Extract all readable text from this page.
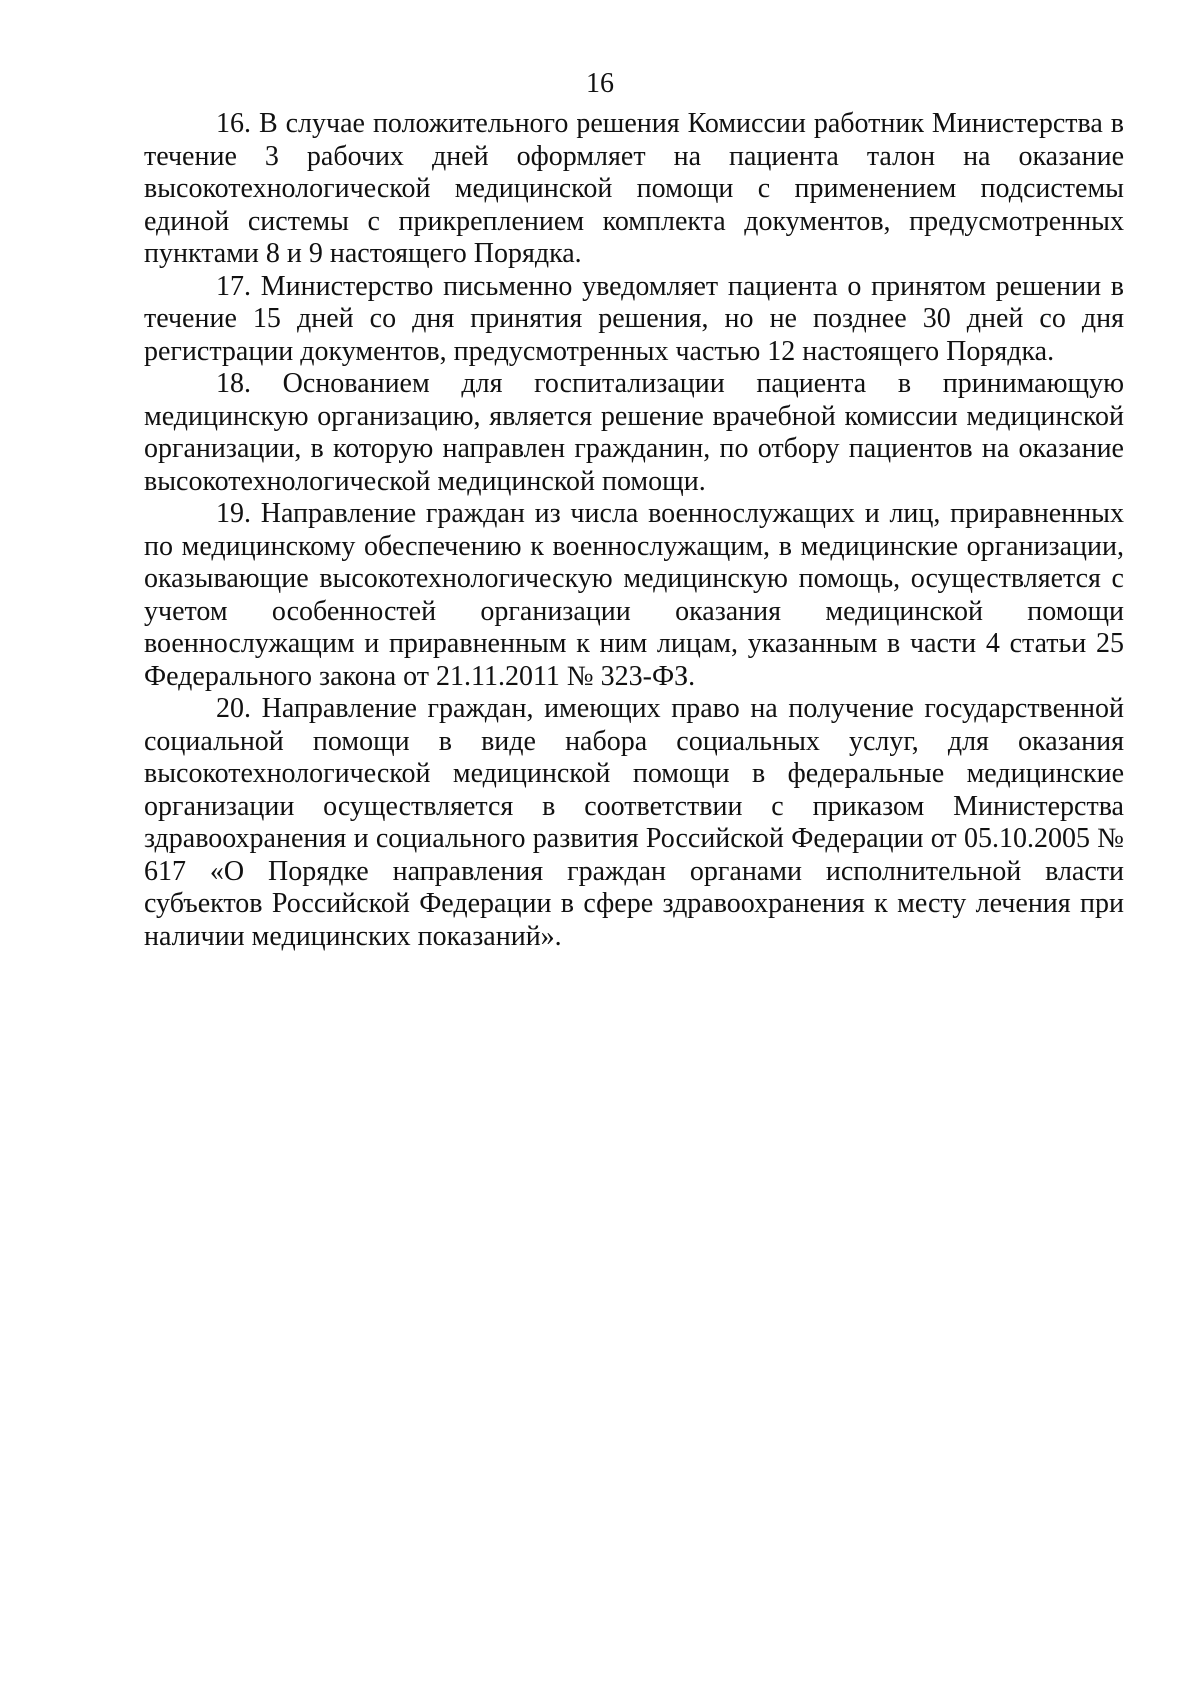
16

16. В случае положительного решения Комиссии работник Министерства в течение 3 рабочих дней оформляет на пациента талон на оказание высокотехнологической медицинской помощи с применением подсистемы единой системы с прикреплением комплекта документов, предусмотренных пунктами 8 и 9 настоящего Порядка.

17. Министерство письменно уведомляет пациента о принятом решении в течение 15 дней со дня принятия решения, но не позднее 30 дней со дня регистрации документов, предусмотренных частью 12 настоящего Порядка.

18. Основанием для госпитализации пациента в принимающую медицинскую организацию, является решение врачебной комиссии медицинской организации, в которую направлен гражданин, по отбору пациентов на оказание высокотехнологической медицинской помощи.

19. Направление граждан из числа военнослужащих и лиц, приравненных по медицинскому обеспечению к военнослужащим, в медицинские организации, оказывающие высокотехнологическую медицинскую помощь, осуществляется с учетом особенностей организации оказания медицинской помощи военнослужащим и приравненным к ним лицам, указанным в части 4 статьи 25 Федерального закона от 21.11.2011 № 323-ФЗ.

20. Направление граждан, имеющих право на получение государственной социальной помощи в виде набора социальных услуг, для оказания высокотехнологической медицинской помощи в федеральные медицинские организации осуществляется в соответствии с приказом Министерства здравоохранения и социального развития Российской Федерации от 05.10.2005 № 617 «О Порядке направления граждан органами исполнительной власти субъектов Российской Федерации в сфере здравоохранения к месту лечения при наличии медицинских показаний».
